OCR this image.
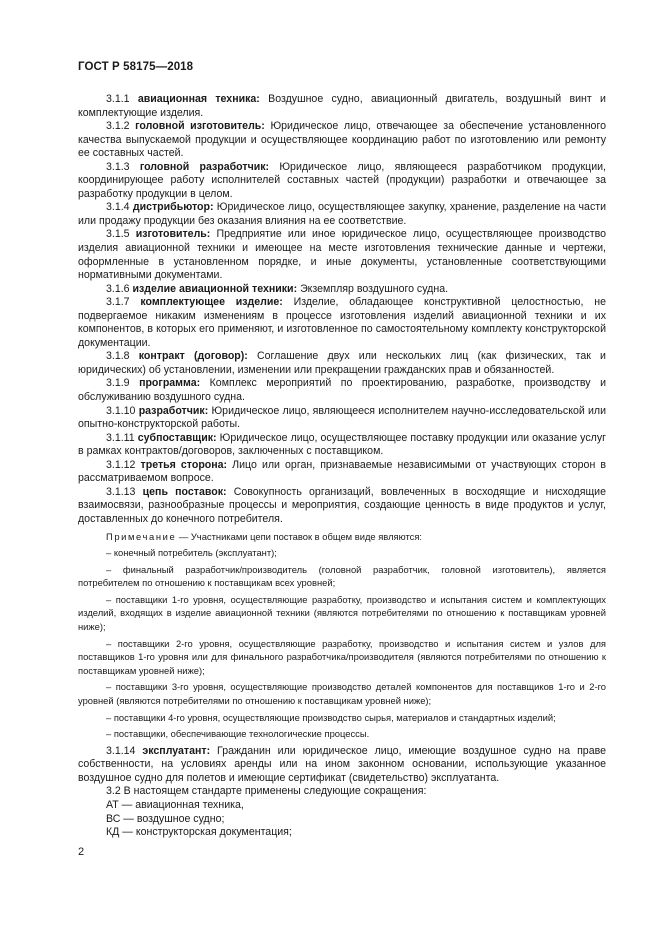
ГОСТ Р 58175—2018

3.1.1 авиационная техника: Воздушное судно, авиационный двигатель, воздушный винт и комплектующие изделия.

3.1.2 головной изготовитель: Юридическое лицо, отвечающее за обеспечение установленного качества выпускаемой продукции и осуществляющее координацию работ по изготовлению или ремонту ее составных частей.

3.1.3 головной разработчик: Юридическое лицо, являющееся разработчиком продукции, координирующее работу исполнителей составных частей (продукции) разработки и отвечающее за разработку продукции в целом.

3.1.4 дистрибьютор: Юридическое лицо, осуществляющее закупку, хранение, разделение на части или продажу продукции без оказания влияния на ее соответствие.

3.1.5 изготовитель: Предприятие или иное юридическое лицо, осуществляющее производство изделия авиационной техники и имеющее на месте изготовления технические данные и чертежи, оформленные в установленном порядке, и иные документы, установленные соответствующими нормативными документами.

3.1.6 изделие авиационной техники: Экземпляр воздушного судна.

3.1.7 комплектующее изделие: Изделие, обладающее конструктивной целостностью, не подвергаемое никаким изменениям в процессе изготовления изделий авиационной техники и их компонентов, в которых его применяют, и изготовленное по самостоятельному комплекту конструкторской документации.

3.1.8 контракт (договор): Соглашение двух или нескольких лиц (как физических, так и юридических) об установлении, изменении или прекращении гражданских прав и обязанностей.

3.1.9 программа: Комплекс мероприятий по проектированию, разработке, производству и обслуживанию воздушного судна.

3.1.10 разработчик: Юридическое лицо, являющееся исполнителем научно-исследовательской или опытно-конструкторской работы.

3.1.11 субпоставщик: Юридическое лицо, осуществляющее поставку продукции или оказание услуг в рамках контрактов/договоров, заключенных с поставщиком.

3.1.12 третья сторона: Лицо или орган, признаваемые независимыми от участвующих сторон в рассматриваемом вопросе.

3.1.13 цепь поставок: Совокупность организаций, вовлеченных в восходящие и нисходящие взаимосвязи, разнообразные процессы и мероприятия, создающие ценность в виде продуктов и услуг, доставленных до конечного потребителя.

Примечание — Участниками цепи поставок в общем виде являются:

– конечный потребитель (эксплуатант);

– финальный разработчик/производитель (головной разработчик, головной изготовитель), является потребителем по отношению к поставщикам всех уровней;

– поставщики 1-го уровня, осуществляющие разработку, производство и испытания систем и комплектующих изделий, входящих в изделие авиационной техники (являются потребителями по отношению к поставщикам уровней ниже);

– поставщики 2-го уровня, осуществляющие разработку, производство и испытания систем и узлов для поставщиков 1-го уровня или для финального разработчика/производителя (являются потребителями по отношению к поставщикам уровней ниже);

– поставщики 3-го уровня, осуществляющие производство деталей компонентов для поставщиков 1-го и 2-го уровней (являются потребителями по отношению к поставщикам уровней ниже);

– поставщики 4-го уровня, осуществляющие производство сырья, материалов и стандартных изделий;

– поставщики, обеспечивающие технологические процессы.

3.1.14 эксплуатант: Гражданин или юридическое лицо, имеющие воздушное судно на праве собственности, на условиях аренды или на ином законном основании, использующие указанное воздушное судно для полетов и имеющие сертификат (свидетельство) эксплуатанта.

3.2 В настоящем стандарте применены следующие сокращения:

АТ — авиационная техника,

ВС — воздушное судно;

КД — конструкторская документация;

2
